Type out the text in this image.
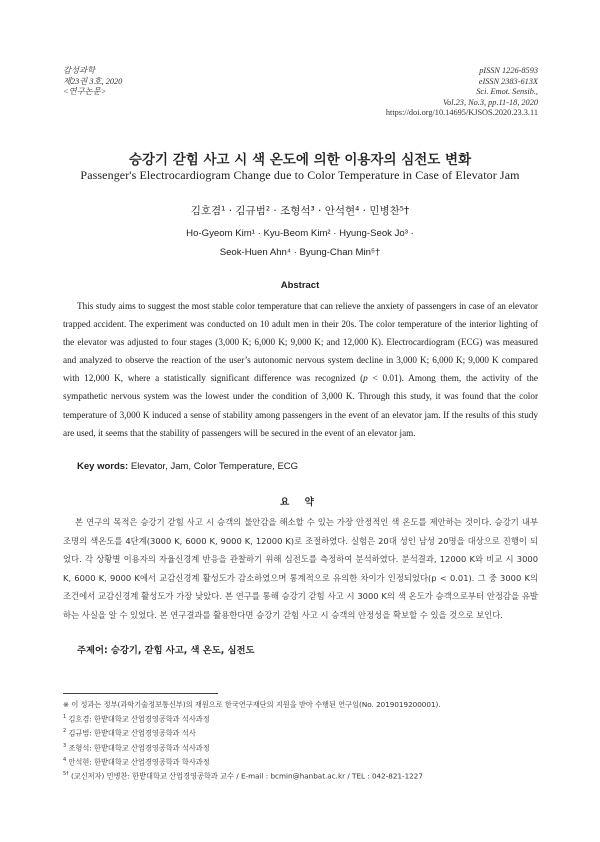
감성과학
제23권 3호, 2020
<연구논문>
pISSN 1226-8593
eISSN 2383-613X
Sci. Emot. Sensib.,
Vol.23, No.3, pp.11-18, 2020
https://doi.org/10.14695/KJSOS.2020.23.3.11
승강기 갇힘 사고 시 색 온도에 의한 이용자의 심전도 변화
Passenger's Electrocardiogram Change due to Color Temperature in Case of Elevator Jam
김호겸¹ · 김규범² · 조형석³ · 안석현⁴ · 민병찬⁵†
Ho-Gyeom Kim¹ · Kyu-Beom Kim² · Hyung-Seok Jo³ ·
Seok-Huen Ahn⁴ · Byung-Chan Min⁵†
Abstract

This study aims to suggest the most stable color temperature that can relieve the anxiety of passengers in case of an elevator trapped accident. The experiment was conducted on 10 adult men in their 20s. The color temperature of the interior lighting of the elevator was adjusted to four stages (3,000 K; 6,000 K; 9,000 K; and 12,000 K). Electrocardiogram (ECG) was measured and analyzed to observe the reaction of the user’s autonomic nervous system decline in 3,000 K; 6,000 K; 9,000 K compared with 12,000 K, where a statistically significant difference was recognized (p < 0.01). Among them, the activity of the sympathetic nervous system was the lowest under the condition of 3,000 K. Through this study, it was found that the color temperature of 3,000 K induced a sense of stability among passengers in the event of an elevator jam. If the results of this study are used, it seems that the stability of passengers will be secured in the event of an elevator jam.

Key words: Elevator, Jam, Color Temperature, ECG
요 약

본 연구의 목적은 승강기 갇힘 사고 시 승객의 불안감을 해소할 수 있는 가장 안정적인 색 온도를 제안하는 것이다. 승강기 내부 조명의 색온도를 4단계(3000 K, 6000 K, 9000 K, 12000 K)로 조절하였다. 실험은 20대 성인 남성 20명을 대상으로 진행이 되었다. 각 상황별 이용자의 자율신경계 반응을 관찰하기 위해 심전도를 측정하여 분석하였다. 분석결과, 12000 K와 비교 시 3000 K, 6000 K, 9000 K에서 교감신경계 활성도가 감소하였으며 통계적으로 유의한 차이가 인정되었다(p < 0.01). 그 중 3000 K의 조건에서 교감신경계 활성도가 가장 낮았다. 본 연구를 통해 승강기 갇힘 사고 시 3000 K의 색 온도가 승객으로부터 안정감을 유발하는 사실을 알 수 있었다. 본 연구결과를 활용한다면 승강기 갇힘 사고 시 승객의 안정성을 확보할 수 있을 것으로 보인다.

주제어: 승강기, 갇힘 사고, 색 온도, 심전도
※ 이 성과는 정부(과학기술정보통신부)의 재원으로 한국연구재단의 지원을 받아 수행된 연구임(No. 2019019200001).
$^1$ 김호겸: 한밭대학교 산업경영공학과 석사과정
$^2$ 김규범: 한밭대학교 산업경영공학과 석사
$^3$ 조형석: 한밭대학교 산업경영공학과 석사과정
$^4$ 안석현: 한밭대학교 산업경영공학과 학사과정
$^{5\dagger}$ (교신저자) 민병찬: 한밭대학교 산업경영공학과 교수 / E-mail : bcmin@hanbat.ac.kr / TEL : 042-821-1227
